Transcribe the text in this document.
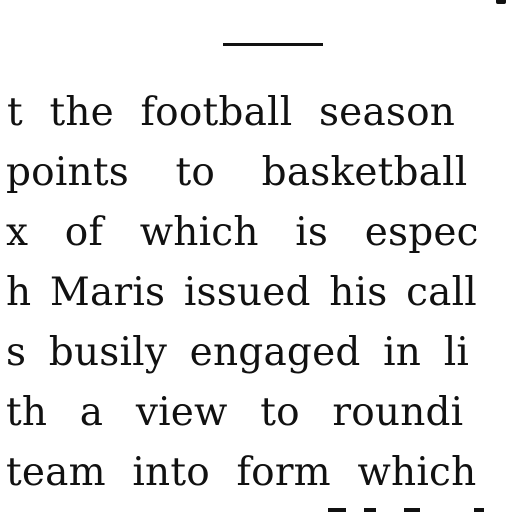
t the football season
points to basketball
x of which is espec
h Maris issued his call
s busily engaged in li
th a view to roundi
team into form which
